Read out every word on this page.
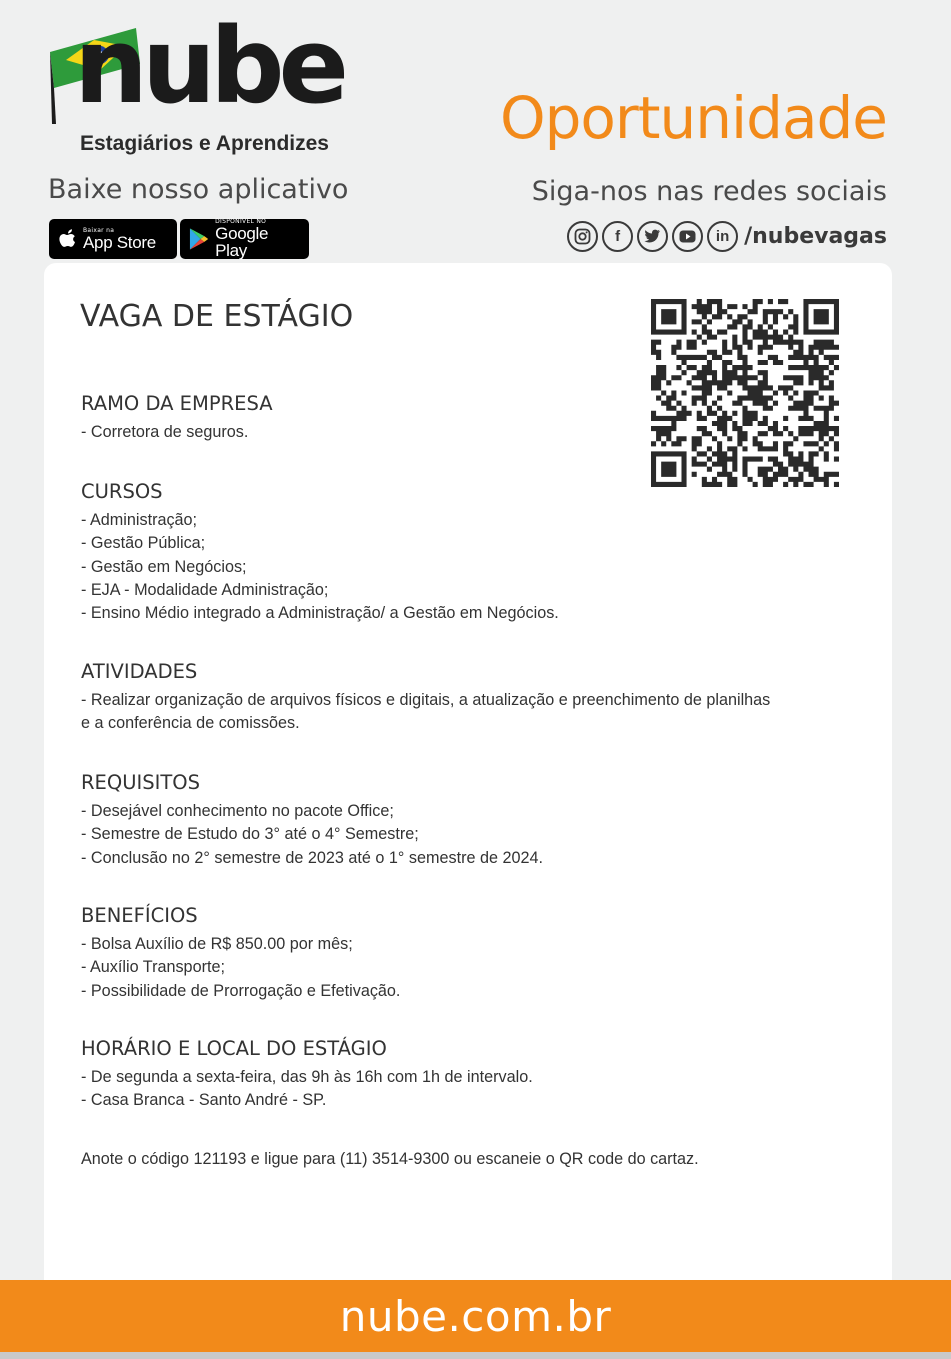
nube
Estagiários e Aprendizes	Oportunidade
Baixe nosso aplicativo	Siga-nos nas redes sociais
Baixar na
App Store
DISPONÍVEL NO
Google Play
f	in /nubevagas
VAGA DE ESTÁGIO
RAMO DA EMPRESA
- Corretora de seguros.
CURSOS
- Administração;
- Gestão Pública;
- Gestão em Negócios;
- EJA - Modalidade Administração;
- Ensino Médio integrado a Administração/ a Gestão em Negócios.
ATIVIDADES
- Realizar organização de arquivos físicos e digitais, a atualização e preenchimento de planilhas
e a conferência de comissões.
REQUISITOS
- Desejável conhecimento no pacote Office;
- Semestre de Estudo do 3° até o 4° Semestre;
- Conclusão no 2° semestre de 2023 até o 1° semestre de 2024.
BENEFÍCIOS
- Bolsa Auxílio de R$ 850.00 por mês;
- Auxílio Transporte;
- Possibilidade de Prorrogação e Efetivação.
HORÁRIO E LOCAL DO ESTÁGIO
- De segunda a sexta-feira, das 9h às 16h com 1h de intervalo.
- Casa Branca - Santo André - SP.
Anote o código 121193 e ligue para (11) 3514-9300 ou escaneie o QR code do cartaz.
nube.com.br
